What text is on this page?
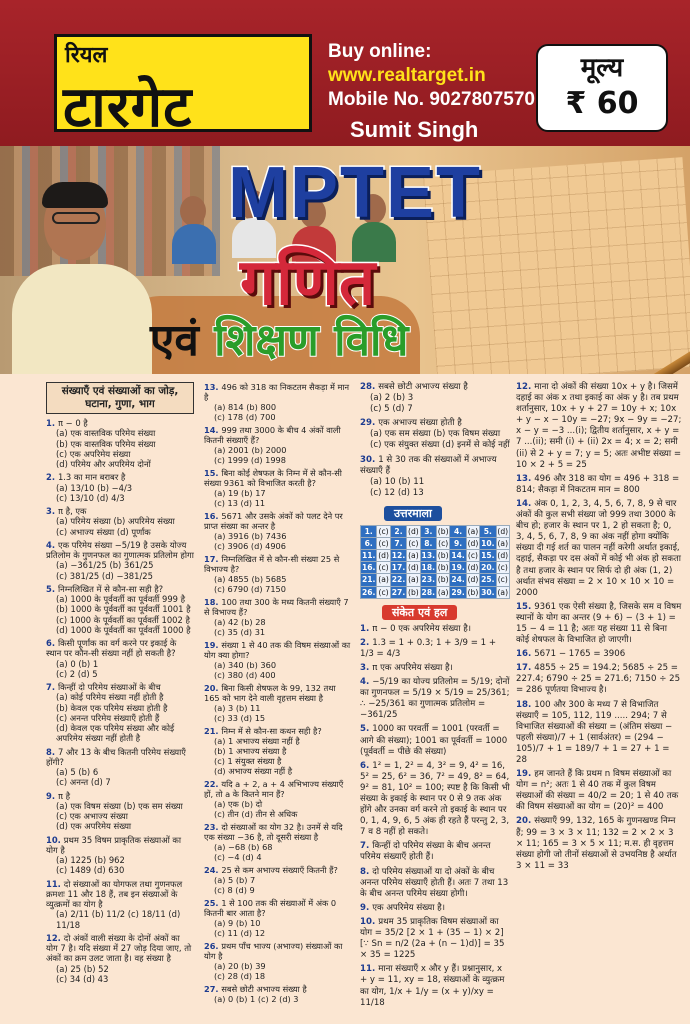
रियल
टारगेट
Buy online:
www.realtarget.in
Mobile No. 9027807570
Sumit Singh
मूल्य
₹ 60
MPTET
गणित
एवं शिक्षण विधि
संख्याएँ एवं संख्याओं का जोड़, घटाना, गुणा, भाग
1. π − 0 है
(a) एक वास्तविक परिमेय संख्या
(b) एक वास्तविक परिमेय संख्या
(c) एक अपरिमेय संख्या
(d) परिमेय और अपरिमेय दोनों
2. 1.3 का मान बराबर है
(a) 13/10 (b) −4/3
(c) 13/10 (d) 4/3
3. π है, एक
(a) परिमेय संख्या (b) अपरिमेय संख्या
(c) अभाज्य संख्या (d) पूर्णांक
4. एक परिमेय संख्या −5/19 है उसके योज्य प्रतिलोम के गुणनफल का गुणात्मक प्रतिलोम होगा
(a) −361/25 (b) 361/25
(c) 381/25 (d) −381/25
5. निम्नलिखित में से कौन-सा सही है?
(a) 1000 के पूर्ववर्ती का पूर्ववर्ती 999 है
(b) 1000 के पूर्ववर्ती का पूर्ववर्ती 1001 है
(c) 1000 के पूर्ववर्ती का पूर्ववर्ती 1002 है
(d) 1000 के पूर्ववर्ती का पूर्ववर्ती 1000 है
6. किसी पूर्णांक का वर्ग करने पर इकाई के स्थान पर कौन-सी संख्या नहीं हो सकती है?
(a) 0 (b) 1
(c) 2 (d) 5
7. किन्हीं दो परिमेय संख्याओं के बीच
(a) कोई परिमेय संख्या नहीं होती है
(b) केवल एक परिमेय संख्या होती है
(c) अनन्त परिमेय संख्याएँ होती हैं
(d) केवल एक परिमेय संख्या और कोई अपरिमेय संख्या नहीं होती है
8. 7 और 13 के बीच कितनी परिमेय संख्याएँ होंगी?
(a) 5 (b) 6
(c) अनन्त (d) 7
9. π है
(a) एक विषम संख्या (b) एक सम संख्या
(c) एक अभाज्य संख्या
(d) एक अपरिमेय संख्या
10. प्रथम 35 विषम प्राकृतिक संख्याओं का योग है
(a) 1225 (b) 962
(c) 1489 (d) 630
11. दो संख्याओं का योगफल तथा गुणनफल क्रमशः 11 और 18 हैं, तब इन संख्याओं के व्युत्क्रमों का योग है
(a) 2/11 (b) 11/2 (c) 18/11 (d) 11/18
12. दो अंकों वाली संख्या के दोनों अंकों का योग 7 है। यदि संख्या में 27 जोड़ दिया जाए, तो अंकों का क्रम उलट जाता है। वह संख्या है
(a) 25 (b) 52
(c) 34 (d) 43
13. 496 को 318 का निकटतम सैकड़ा में मान है
(a) 814 (b) 800
(c) 178 (d) 700
14. 999 तथा 3000 के बीच 4 अंकों वाली कितनी संख्याएँ हैं?
(a) 2001 (b) 2000
(c) 1999 (d) 1998
15. बिना कोई शेषफल के निम्न में से कौन-सी संख्या 9361 को विभाजित करती है?
(a) 19 (b) 17
(c) 13 (d) 11
16. 5671 और उसके अंकों को पलट देने पर प्राप्त संख्या का अन्तर है
(a) 3916 (b) 7436
(c) 3906 (d) 4906
17. निम्नलिखित में से कौन-सी संख्या 25 से विभाज्य है?
(a) 4855 (b) 5685
(c) 6790 (d) 7150
18. 100 तथा 300 के मध्य कितनी संख्याएँ 7 से विभाज्य हैं?
(a) 42 (b) 28
(c) 35 (d) 31
19. संख्या 1 से 40 तक की विषम संख्याओं का योग क्या होगा?
(a) 340 (b) 360
(c) 380 (d) 400
20. बिना किसी शेषफल के 99, 132 तथा 165 को भाग देने वाली वृहत्तम संख्या है
(a) 3 (b) 11
(c) 33 (d) 15
21. निम्न में से कौन-सा कथन सही है?
(a) 1 अभाज्य संख्या नहीं है
(b) 1 अभाज्य संख्या है
(c) 1 संयुक्त संख्या है
(d) अभाज्य संख्या नहीं है
22. यदि a + 2, a + 4 अभिभाज्य संख्याएँ हों, तो a के कितने मान हैं?
(a) एक (b) दो
(c) तीन (d) तीन से अधिक
23. दो संख्याओं का योग 32 है। उनमें से यदि एक संख्या −36 है, तो दूसरी संख्या है
(a) −68 (b) 68
(c) −4 (d) 4
24. 25 से कम अभाज्य संख्याएँ कितनी हैं?
(a) 5 (b) 7
(c) 8 (d) 9
25. 1 से 100 तक की संख्याओं में अंक 0 कितनी बार आता है?
(a) 9 (b) 10
(c) 11 (d) 12
26. प्रथम पाँच भाज्य (अभाज्य) संख्याओं का योग है
(a) 20 (b) 39
(c) 28 (d) 18
27. सबसे छोटी अभाज्य संख्या है
(a) 0 (b) 1 (c) 2 (d) 3
28. सबसे छोटी अभाज्य संख्या है
(a) 2 (b) 3
(c) 5 (d) 7
29. एक अभाज्य संख्या होती है
(a) एक सम संख्या (b) एक विषम संख्या
(c) एक संयुक्त संख्या (d) इनमें से कोई नहीं
30. 1 से 30 तक की संख्याओं में अभाज्य संख्याएँ हैं
(a) 10 (b) 11
(c) 12 (d) 13
उत्तरमाला
1.	(c)	2.	(d)	3.	(b)	4.	(a)	5.	(d)
6.	(c)	7.	(c)	8.	(c)	9.	(d)	10.	(a)
11.	(d)	12.	(a)	13.	(b)	14.	(c)	15.	(d)
16.	(c)	17.	(d)	18.	(b)	19.	(d)	20.	(c)
21.	(a)	22.	(a)	23.	(b)	24.	(d)	25.	(c)
26.	(c)	27.	(b)	28.	(a)	29.	(b)	30.	(a)
संकेत एवं हल
1. π − 0 एक अपरिमेय संख्या है।
2. 1.3 = 1 + 0.3; 1 + 3/9 = 1 + 1/3 = 4/3
3. π एक अपरिमेय संख्या है।
4. −5/19 का योज्य प्रतिलोम = 5/19; दोनों का गुणनफल = 5/19 × 5/19 = 25/361; ∴ −25/361 का गुणात्मक प्रतिलोम = −361/25
5. 1000 का परवर्ती = 1001 (परवर्ती = आगे की संख्या); 1001 का पूर्ववर्ती = 1000 (पूर्ववर्ती = पीछे की संख्या)
6. 1² = 1, 2² = 4, 3² = 9, 4² = 16, 5² = 25, 6² = 36, 7² = 49, 8² = 64, 9² = 81, 10² = 100; स्पष्ट है कि किसी भी संख्या के इकाई के स्थान पर 0 से 9 तक अंक होंगे और उनका वर्ग करने तो इकाई के स्थान पर 0, 1, 4, 9, 6, 5 अंक ही रहते हैं परन्तु 2, 3, 7 व 8 नहीं हो सकते।
7. किन्हीं दो परिमेय संख्या के बीच अनन्त परिमेय संख्याएँ होती हैं।
8. दो परिमेय संख्याओं या दो अंकों के बीच अनन्त परिमेय संख्याएँ होती हैं। अतः 7 तथा 13 के बीच अनन्त परिमेय संख्या होगी।
9. एक अपरिमेय संख्या है।
10. प्रथम 35 प्राकृतिक विषम संख्याओं का योग = 35/2 [2 × 1 + (35 − 1) × 2] [∵ Sn = n/2 (2a + (n − 1)d)] = 35 × 35 = 1225
11. माना संख्याएँ x और y हैं। प्रश्नानुसार, x + y = 11, xy = 18, संख्याओं के व्युत्क्रम का योग, 1/x + 1/y = (x + y)/xy = 11/18
12. माना दो अंकों की संख्या 10x + y है। जिसमें दहाई का अंक x तथा इकाई का अंक y है। तब प्रथम शर्तानुसार, 10x + y + 27 = 10y + x; 10x + y − x − 10y = −27; 9x − 9y = −27; x − y = −3 ...(i); द्वितीय शर्तानुसार, x + y = 7 ...(ii); समी (i) + (ii) 2x = 4; x = 2; समी (ii) से 2 + y = 7; y = 5; अतः अभीष्ट संख्या = 10 × 2 + 5 = 25
13. 496 और 318 का योग = 496 + 318 = 814; सैकड़ा में निकटतम मान = 800
14. अंक 0, 1, 2, 3, 4, 5, 6, 7, 8, 9 से चार अंकों की कुल सभी संख्या जो 999 तथा 3000 के बीच हो; हजार के स्थान पर 1, 2 हो सकता है; 0, 3, 4, 5, 6, 7, 8, 9 का अंक नहीं होगा क्योंकि संख्या दी गई शर्त का पालन नहीं करेगी अर्थात इकाई, दहाई, सैकड़ा पर दस अंकों में कोई भी अंक हो सकता है तथा हजार के स्थान पर सिर्फ दो ही अंक (1, 2) अर्थात संभव संख्या = 2 × 10 × 10 × 10 = 2000
15. 9361 एक ऐसी संख्या है, जिसके सम व विषम स्थानों के योग का अन्तर (9 + 6) − (3 + 1) = 15 − 4 = 11 है; अतः यह संख्या 11 से बिना कोई शेषफल के विभाजित हो जाएगी।
16. 5671 − 1765 = 3906
17. 4855 ÷ 25 = 194.2; 5685 ÷ 25 = 227.4; 6790 ÷ 25 = 271.6; 7150 ÷ 25 = 286 पूर्णतया विभाज्य है।
18. 100 और 300 के मध्य 7 से विभाजित संख्याएँ = 105, 112, 119 ..... 294; 7 से विभाजित संख्याओं की संख्या = (अंतिम संख्या − पहली संख्या)/7 + 1 (सार्वअंतर) = (294 − 105)/7 + 1 = 189/7 + 1 = 27 + 1 = 28
19. हम जानते हैं कि प्रथम n विषम संख्याओं का योग = n²; अतः 1 से 40 तक में कुल विषम संख्याओं की संख्या = 40/2 = 20; 1 से 40 तक की विषम संख्याओं का योग = (20)² = 400
20. संख्याएँ 99, 132, 165 के गुणनखण्ड निम्न हैं; 99 = 3 × 3 × 11; 132 = 2 × 2 × 3 × 11; 165 = 3 × 5 × 11; म.स. ही वृहत्तम संख्या होगी जो तीनों संख्याओं से उभयनिष्ठ है अर्थात 3 × 11 = 33
